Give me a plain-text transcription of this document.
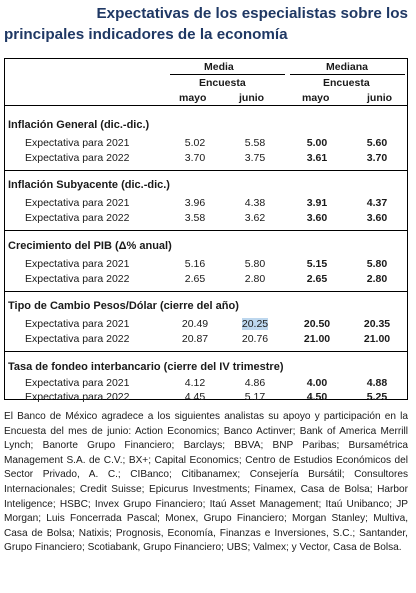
Expectativas de los especialistas sobre los
principales indicadores de la economía
Media	Mediana
Encuesta	Encuesta
mayo	junio	mayo	junio
Inflación General (dic.-dic.)
Expectativa para 2021	5.02	5.58	5.00	5.60
Expectativa para 2022	3.70	3.75	3.61	3.70
Inflación Subyacente (dic.-dic.)
Expectativa para 2021	3.96	4.38	3.91	4.37
Expectativa para 2022	3.58	3.62	3.60	3.60
Crecimiento del PIB (Δ% anual)
Expectativa para 2021	5.16	5.80	5.15	5.80
Expectativa para 2022	2.65	2.80	2.65	2.80
Tipo de Cambio Pesos/Dólar (cierre del año)
Expectativa para 2021	20.49	20.25	20.50	20.35
Expectativa para 2022	20.87	20.76	21.00	21.00
Tasa de fondeo interbancario (cierre del IV trimestre)
Expectativa para 2021	4.12	4.86	4.00	4.88
Expectativa para 2022	4.45	5.17	4.50	5.25
El Banco de México agradece a los siguientes analistas su apoyo y participación en la Encuesta del mes de junio: Action Economics; Banco Actinver; Bank of America Merrill Lynch; Banorte Grupo Financiero; Barclays; BBVA; BNP Paribas; Bursamétrica Management S.A. de C.V.; BX+; Capital Economics; Centro de Estudios Económicos del Sector Privado, A. C.; CIBanco; Citibanamex; Consejería Bursátil; Consultores Internacionales; Credit Suisse; Epicurus Investments; Finamex, Casa de Bolsa; Harbor Inteligence; HSBC; Invex Grupo Financiero; Itaú Asset Management; Itaú Unibanco; JP Morgan; Luis Foncerrada Pascal; Monex, Grupo Financiero; Morgan Stanley; Multiva, Casa de Bolsa; Natixis; Prognosis, Economía, Finanzas e Inversiones, S.C.; Santander, Grupo Financiero; Scotiabank, Grupo Financiero; UBS; Valmex; y Vector, Casa de Bolsa.
